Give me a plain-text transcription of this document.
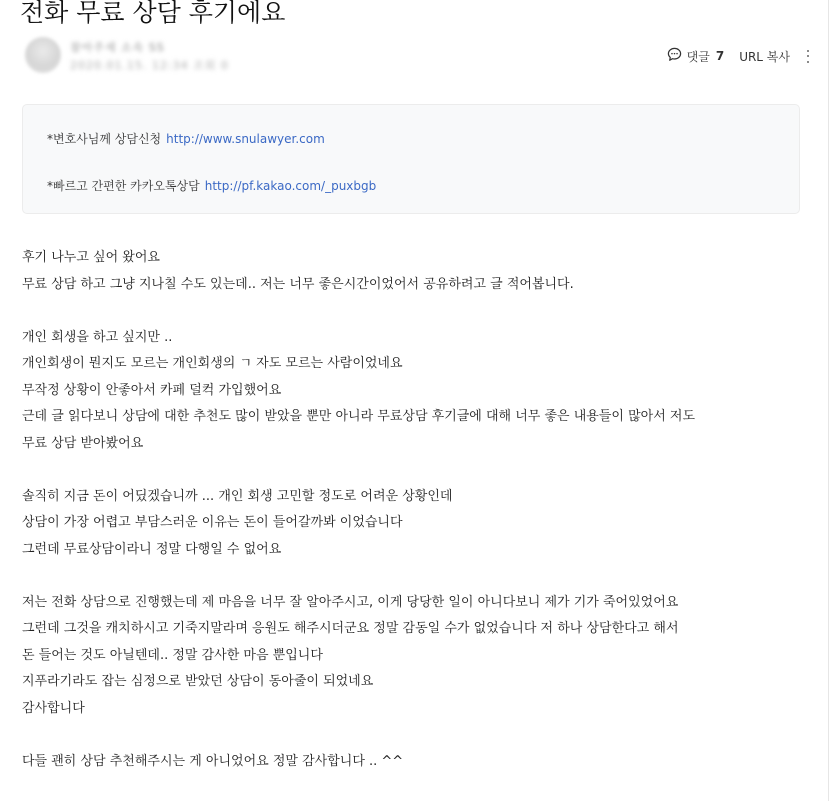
전화 무료 상담 후기에요
참아주세 소속 SS
2020.01.15. 12:34 조회 0
댓글 7 URL 복사
*변호사님께 상담신청 http://www.snulawyer.com
*빠르고 간편한 카카오톡상담 http://pf.kakao.com/_puxbgb

후기 나누고 싶어 왔어요

무료 상담 하고 그냥 지나칠 수도 있는데.. 저는 너무 좋은시간이었어서 공유하려고 글 적어봅니다.

개인 회생을 하고 싶지만 ..

개인회생이 뭔지도 모르는 개인회생의 ㄱ 자도 모르는 사람이었네요

무작정 상황이 안좋아서 카페 덜컥 가입했어요

근데 글 읽다보니 상담에 대한 추천도 많이 받았을 뿐만 아니라 무료상담 후기글에 대해 너무 좋은 내용들이 많아서 저도

무료 상담 받아봤어요

솔직히 지금 돈이 어딨겠습니까 ... 개인 회생 고민할 정도로 어려운 상황인데

상담이 가장 어렵고 부담스러운 이유는 돈이 들어갈까봐 이었습니다

그런데 무료상담이라니 정말 다행일 수 없어요

저는 전화 상담으로 진행했는데 제 마음을 너무 잘 알아주시고, 이게 당당한 일이 아니다보니 제가 기가 죽어있었어요

그런데 그것을 캐치하시고 기죽지말라며 응원도 해주시더군요 정말 감동일 수가 없었습니다 저 하나 상담한다고 해서

돈 들어는 것도 아닐텐데.. 정말 감사한 마음 뿐입니다

지푸라기라도 잡는 심정으로 받았던 상담이 동아줄이 되었네요

감사합니다

다들 괜히 상담 추천해주시는 게 아니었어요 정말 감사합니다 .. ^^
